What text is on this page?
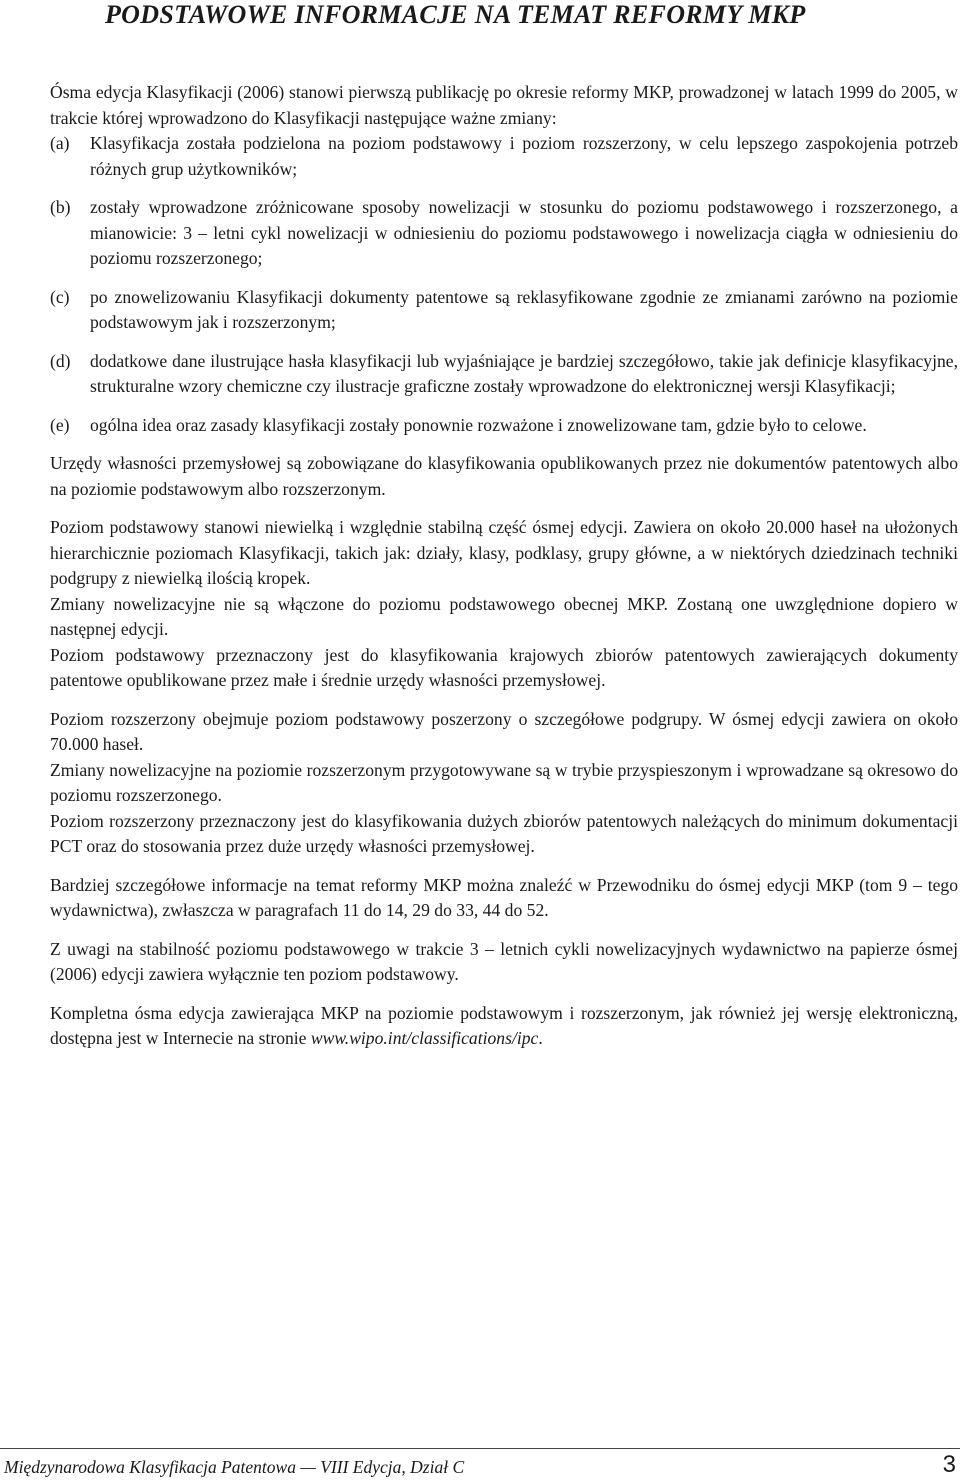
PODSTAWOWE INFORMACJE NA TEMAT REFORMY MKP

Ósma edycja Klasyfikacji (2006) stanowi pierwszą publikację po okresie reformy MKP, prowadzonej w latach 1999 do 2005, w trakcie której wprowadzono do Klasyfikacji następujące ważne zmiany:

(a)	Klasyfikacja została podzielona na poziom podstawowy i poziom rozszerzony, w celu lepszego zaspokojenia potrzeb różnych grup użytkowników;
(b)	zostały wprowadzone zróżnicowane sposoby nowelizacji w stosunku do poziomu podstawowego i rozszerzonego, a mianowicie: 3 – letni cykl nowelizacji w odniesieniu do poziomu podstawowego i nowelizacja ciągła w odniesieniu do poziomu rozszerzonego;
(c)	po znowelizowaniu Klasyfikacji dokumenty patentowe są reklasyfikowane zgodnie ze zmianami zarówno na poziomie podstawowym jak i rozszerzonym;
(d)	dodatkowe dane ilustrujące hasła klasyfikacji lub wyjaśniające je bardziej szczegółowo, takie jak definicje klasyfikacyjne, strukturalne wzory chemiczne czy ilustracje graficzne zostały wprowadzone do elektronicznej wersji Klasyfikacji;
(e)	ogólna idea oraz zasady klasyfikacji zostały ponownie rozważone i znowelizowane tam, gdzie było to celowe.

Urzędy własności przemysłowej są zobowiązane do klasyfikowania opublikowanych przez nie dokumentów patentowych albo na poziomie podstawowym albo rozszerzonym.

Poziom podstawowy stanowi niewielką i względnie stabilną część ósmej edycji. Zawiera on około 20.000 haseł na ułożonych hierarchicznie poziomach Klasyfikacji, takich jak: działy, klasy, podklasy, grupy główne, a w niektórych dziedzinach techniki podgrupy z niewielką ilością kropek.

Zmiany nowelizacyjne nie są włączone do poziomu podstawowego obecnej MKP. Zostaną one uwzględnione dopiero w następnej edycji.

Poziom podstawowy przeznaczony jest do klasyfikowania krajowych zbiorów patentowych zawierających dokumenty patentowe opublikowane przez małe i średnie urzędy własności przemysłowej.

Poziom rozszerzony obejmuje poziom podstawowy poszerzony o szczegółowe podgrupy. W ósmej edycji zawiera on około 70.000 haseł.

Zmiany nowelizacyjne na poziomie rozszerzonym przygotowywane są w trybie przyspieszonym i wprowadzane są okresowo do poziomu rozszerzonego.

Poziom rozszerzony przeznaczony jest do klasyfikowania dużych zbiorów patentowych należących do minimum dokumentacji PCT oraz do stosowania przez duże urzędy własności przemysłowej.

Bardziej szczegółowe informacje na temat reformy MKP można znaleźć w Przewodniku do ósmej edycji MKP (tom 9 – tego wydawnictwa), zwłaszcza w paragrafach 11 do 14, 29 do 33, 44 do 52.

Z uwagi na stabilność poziomu podstawowego w trakcie 3 – letnich cykli nowelizacyjnych wydawnictwo na papierze ósmej (2006) edycji zawiera wyłącznie ten poziom podstawowy.

Kompletna ósma edycja zawierająca MKP na poziomie podstawowym i rozszerzonym, jak również jej wersję elektroniczną, dostępna jest w Internecie na stronie www.wipo.int/classifications/ipc.

Międzynarodowa Klasyfikacja Patentowa — VIII Edycja, Dział C	3
